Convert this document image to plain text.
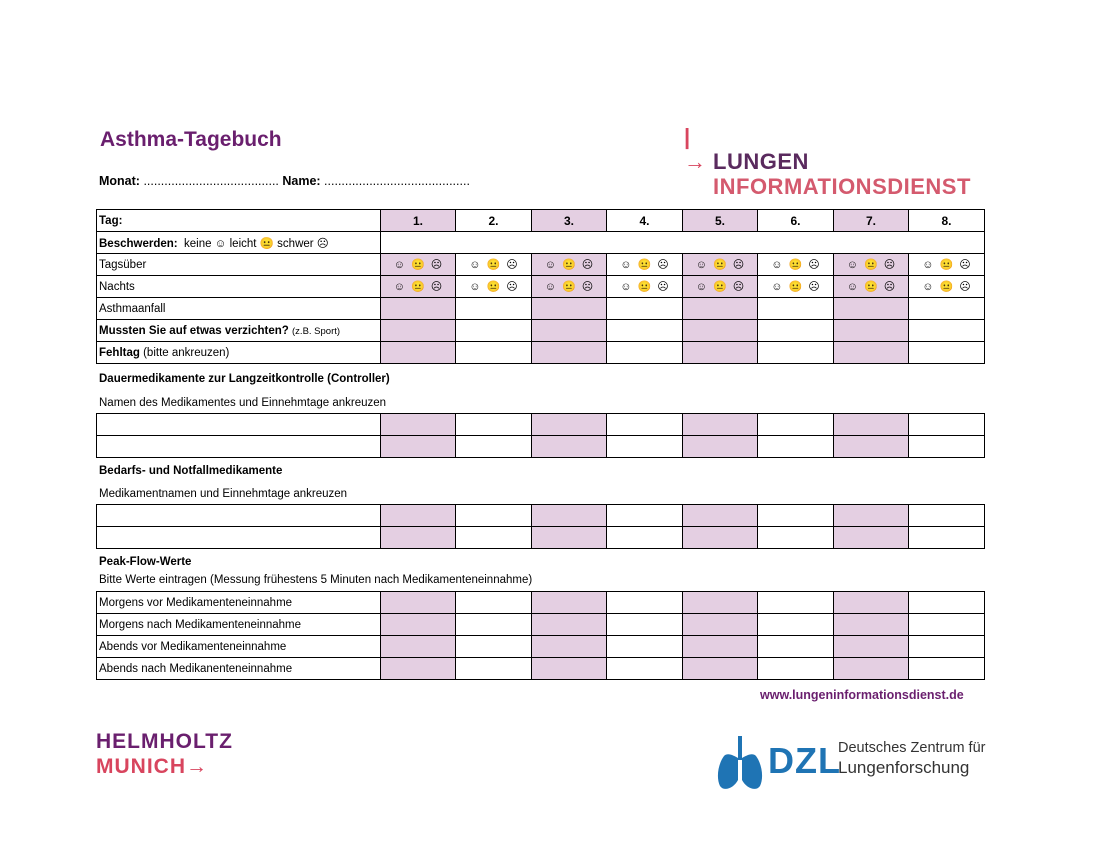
Asthma-Tagebuch
Monat: ....................................... Name: ..........................................
|→ LUNGEN
INFORMATIONSDIENST
Tag:	1.	2.	3.	4.	5.	6.	7.	8.
Beschwerden: keine ☺ leicht 😐 schwer ☹								
Tagsüber	☺😐☹	☺😐☹	☺😐☹	☺😐☹	☺😐☹	☺😐☹	☺😐☹	☺😐☹
Nachts	☺😐☹	☺😐☹	☺😐☹	☺😐☹	☺😐☹	☺😐☹	☺😐☹	☺😐☹
Asthmaanfall								
Mussten Sie auf etwas verzichten? (z.B. Sport)								
Fehltag (bitte ankreuzen)								
Dauermedikamente zur Langzeitkontrolle (Controller)
Namen des Medikamentes und Einnehmtage ankreuzen

Bedarfs- und Notfallmedikamente
Medikamentnamen und Einnehmtage ankreuzen

Peak-Flow-Werte
Bitte Werte eintragen (Messung frühestens 5 Minuten nach Medikamenteneinnahme)
Morgens vor Medikamenteneinnahme								
Morgens nach Medikamenteneinnahme								
Abends vor Medikamenteneinnahme								
Abends nach Medikanenteneinnahme								
www.lungeninformationsdienst.de
HELMHOLTZ
MUNICH→	DZL
Deutsches Zentrum für
Lungenforschung
